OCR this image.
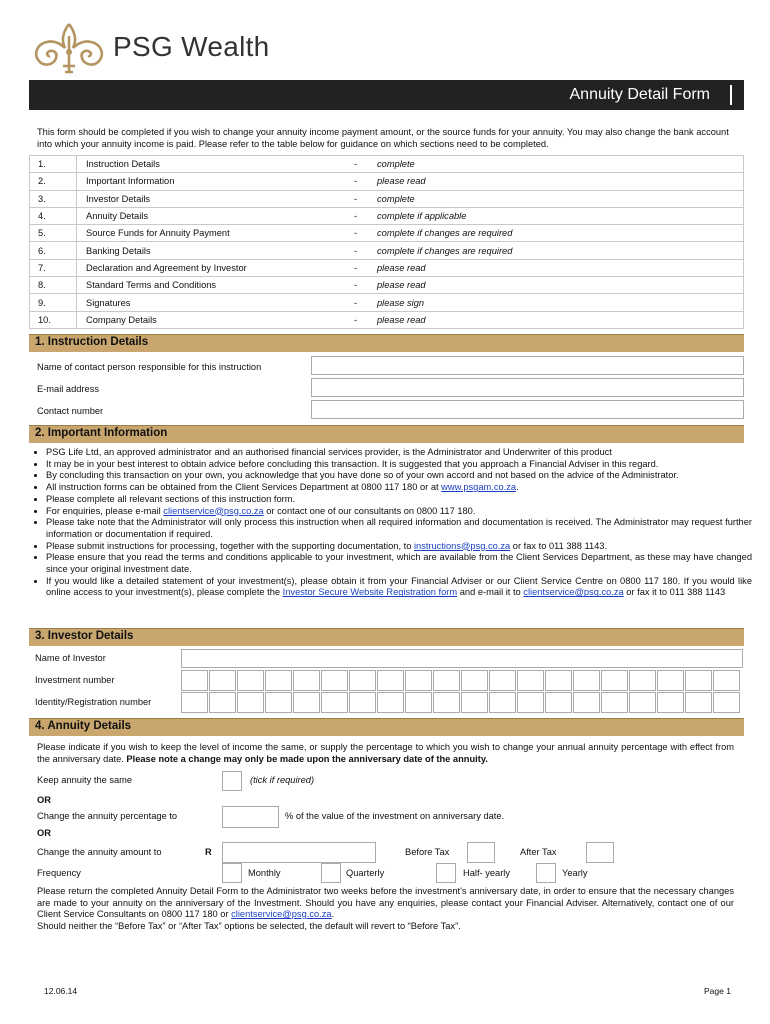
PSG Wealth
Annuity Detail Form
This form should be completed if you wish to change your annuity income payment amount, or the source funds for your annuity. You may also change the bank account into which your annuity income is paid. Please refer to the table below for guidance on which sections need to be completed.
1.	Instruction Details	-	complete
2.	Important Information	-	please read
3.	Investor Details	-	complete
4.	Annuity Details	-	complete if applicable
5.	Source Funds for Annuity Payment	-	complete if changes are required
6.	Banking Details	-	complete if changes are required
7.	Declaration and Agreement by Investor	-	please read
8.	Standard Terms and Conditions	-	please read
9.	Signatures	-	please sign
10.	Company Details	-	please read
1. Instruction Details
Name of contact person responsible for this instruction
E-mail address
Contact number
2. Important Information
• PSG Life Ltd, an approved administrator and an authorised financial services provider, is the Administrator and Underwriter of this product
• It may be in your best interest to obtain advice before concluding this transaction. It is suggested that you approach a Financial Adviser in this regard.
• By concluding this transaction on your own, you acknowledge that you have done so of your own accord and not based on the advice of the Administrator.
• All instruction forms can be obtained from the Client Services Department at 0800 117 180 or at www.psgam.co.za.
• Please complete all relevant sections of this instruction form.
• For enquiries, please e-mail clientservice@psg.co.za or contact one of our consultants on 0800 117 180.
• Please take note that the Administrator will only process this instruction when all required information and documentation is received. The Administrator may request further information or documentation if required.
• Please submit instructions for processing, together with the supporting documentation, to instructions@psg.co.za or fax to 011 388 1143.
• Please ensure that you read the terms and conditions applicable to your investment, which are available from the Client Services Department, as these may have changed since your original investment date.
• If you would like a detailed statement of your investment(s), please obtain it from your Financial Adviser or our Client Service Centre on 0800 117 180. If you would like online access to your investment(s), please complete the Investor Secure Website Registration form and e-mail it to clientservice@psg.co.za or fax it to 011 388 1143
3. Investor Details
Name of Investor
Investment number
Identity/Registration number
4. Annuity Details
Please indicate if you wish to keep the level of income the same, or supply the percentage to which you wish to change your annual annuity percentage with effect from the anniversary date. Please note a change may only be made upon the anniversary date of the annuity.
Keep annuity the same	(tick if required)
OR
Change the annuity percentage to	% of the value of the investment on anniversary date.
OR
Change the annuity amount to	R	Before Tax	After Tax
Frequency	Monthly	Quarterly	Half- yearly	Yearly
Please return the completed Annuity Detail Form to the Administrator two weeks before the investment's anniversary date, in order to ensure that the necessary changes are made to your annuity on the anniversary of the Investment. Should you have any enquiries, please contact your Financial Adviser. Alternatively, contact one of our Client Service Consultants on 0800 117 180 or clientservice@psg.co.za.
Should neither the “Before Tax” or “After Tax” options be selected, the default will revert to “Before Tax”.
12.06.14	Page 1
